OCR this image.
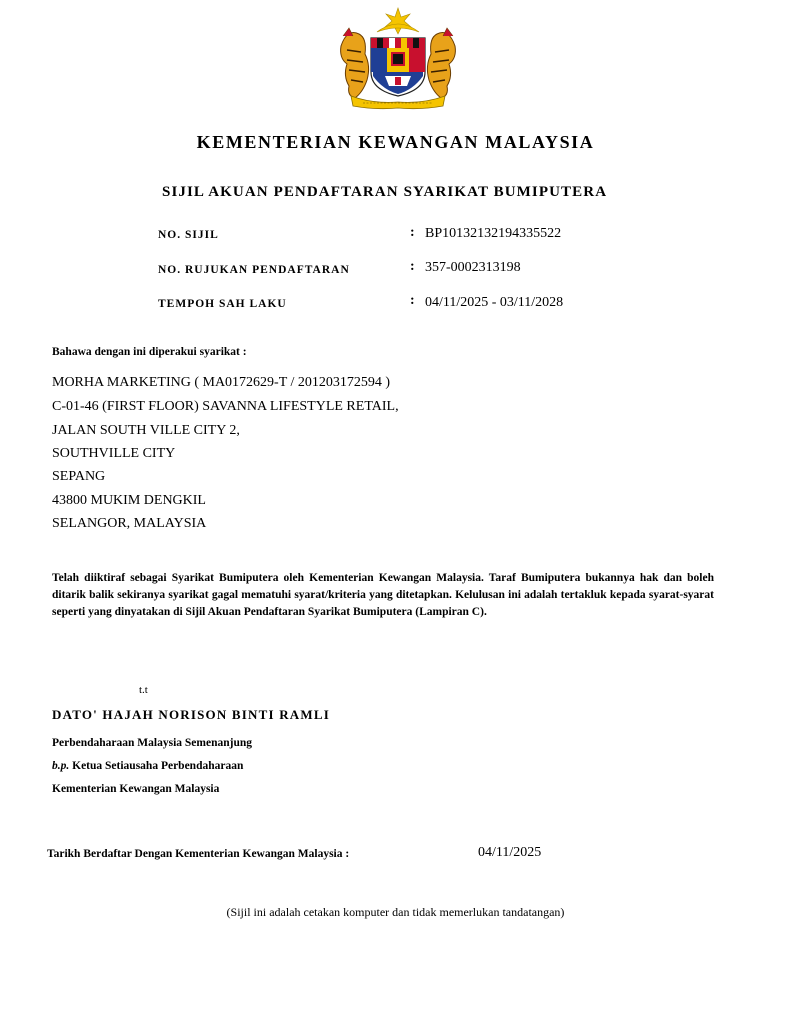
KEMENTERIAN KEWANGAN MALAYSIA
SIJIL AKUAN PENDAFTARAN SYARIKAT BUMIPUTERA
NO. SIJIL	: BP10132132194335522
NO. RUJUKAN PENDAFTARAN	: 357-0002313198
TEMPOH SAH LAKU	: 04/11/2025 - 03/11/2028
Bahawa dengan ini diperakui syarikat :
MORHA MARKETING ( MA0172629-T / 201203172594 )
C-01-46 (FIRST FLOOR) SAVANNA LIFESTYLE RETAIL,
JALAN SOUTH VILLE CITY 2,
SOUTHVILLE CITY
SEPANG
43800 MUKIM DENGKIL
SELANGOR, MALAYSIA
Telah diiktiraf sebagai Syarikat Bumiputera oleh Kementerian Kewangan Malaysia. Taraf Bumiputera bukannya hak dan boleh ditarik balik sekiranya syarikat gagal mematuhi syarat/kriteria yang ditetapkan. Kelulusan ini adalah tertakluk kepada syarat-syarat seperti yang dinyatakan di Sijil Akuan Pendaftaran Syarikat Bumiputera (Lampiran C).
t.t
DATO' HAJAH NORISON BINTI RAMLI
Perbendaharaan Malaysia Semenanjung
b.p. Ketua Setiausaha Perbendaharaan
Kementerian Kewangan Malaysia
Tarikh Berdaftar Dengan Kementerian Kewangan Malaysia :	04/11/2025
(Sijil ini adalah cetakan komputer dan tidak memerlukan tandatangan)
